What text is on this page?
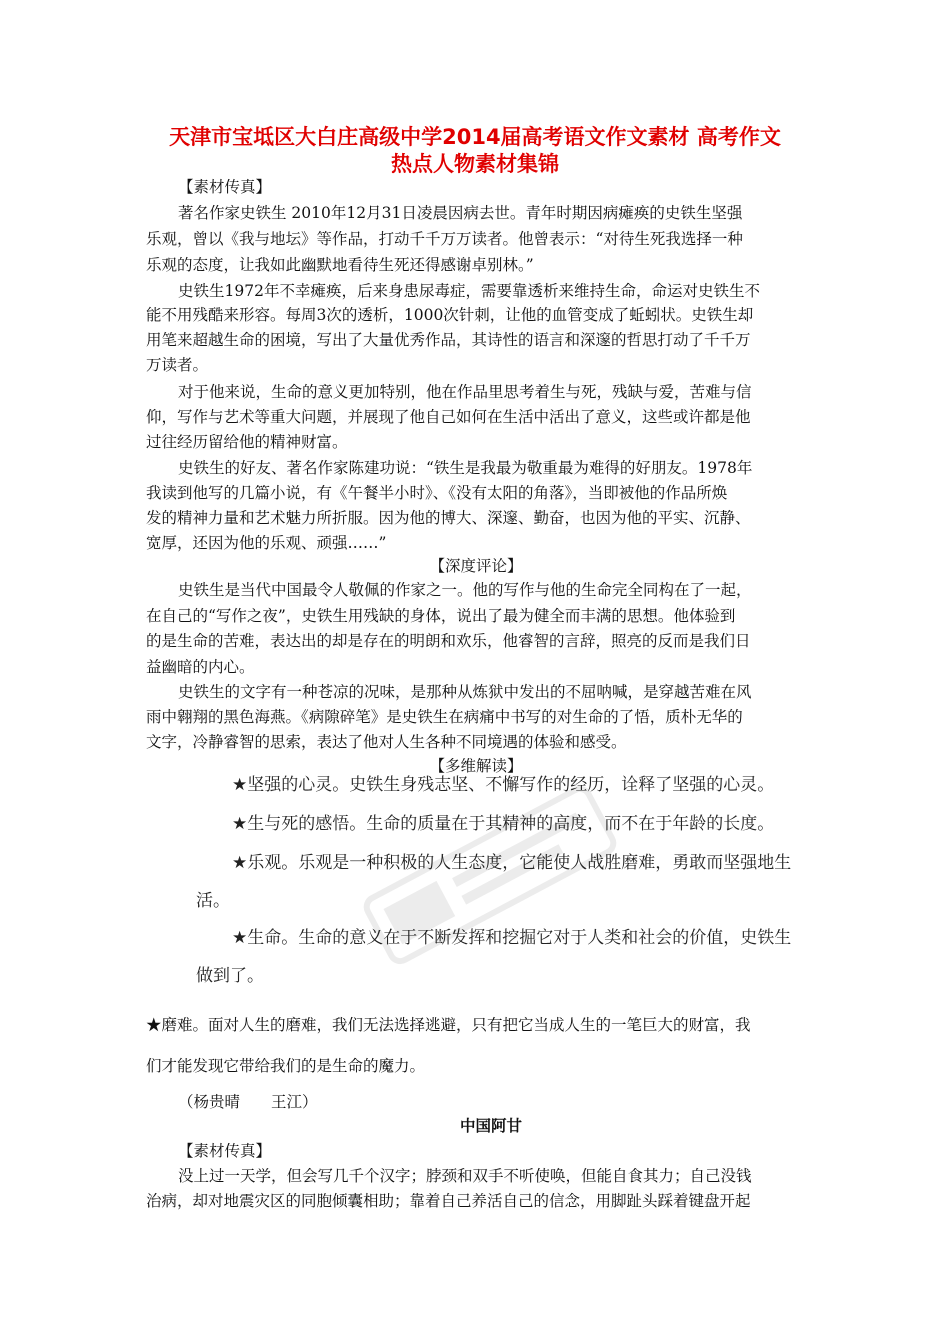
天津市宝坻区大白庄高级中学2014届高考语文作文素材 高考作文
热点人物素材集锦
【素材传真】
著名作家史铁生 2010年12月31日凌晨因病去世。青年时期因病瘫痪的史铁生坚强
乐观，曾以《我与地坛》等作品，打动千千万万读者。他曾表示：“对待生死我选择一种
乐观的态度，让我如此幽默地看待生死还得感谢卓别林。”
史铁生1972年不幸瘫痪，后来身患尿毒症，需要靠透析来维持生命，命运对史铁生不
能不用残酷来形容。每周3次的透析，1000次针刺，让他的血管变成了蚯蚓状。史铁生却
用笔来超越生命的困境，写出了大量优秀作品，其诗性的语言和深邃的哲思打动了千千万
万读者。
对于他来说，生命的意义更加特别，他在作品里思考着生与死，残缺与爱，苦难与信
仰，写作与艺术等重大问题，并展现了他自己如何在生活中活出了意义，这些或许都是他
过往经历留给他的精神财富。
史铁生的好友、著名作家陈建功说：“铁生是我最为敬重最为难得的好朋友。1978年
我读到他写的几篇小说，有《午餐半小时》、《没有太阳的角落》，当即被他的作品所焕
发的精神力量和艺术魅力所折服。因为他的博大、深邃、勤奋，也因为他的平实、沉静、
宽厚，还因为他的乐观、顽强……”
【深度评论】
史铁生是当代中国最令人敬佩的作家之一。他的写作与他的生命完全同构在了一起，
在自己的“写作之夜”，史铁生用残缺的身体，说出了最为健全而丰满的思想。他体验到
的是生命的苦难，表达出的却是存在的明朗和欢乐，他睿智的言辞，照亮的反而是我们日
益幽暗的内心。
史铁生的文字有一种苍凉的况味，是那种从炼狱中发出的不屈呐喊，是穿越苦难在风
雨中翱翔的黑色海燕。《病隙碎笔》是史铁生在病痛中书写的对生命的了悟，质朴无华的
文字，冷静睿智的思索，表达了他对人生各种不同境遇的体验和感受。
【多维解读】
★坚强的心灵。史铁生身残志坚、不懈写作的经历，诠释了坚强的心灵。
★生与死的感悟。生命的质量在于其精神的高度，而不在于年龄的长度。
★乐观。乐观是一种积极的人生态度，它能使人战胜磨难，勇敢而坚强地生
活。
★生命。生命的意义在于不断发挥和挖掘它对于人类和社会的价值，史铁生
做到了。
★磨难。面对人生的磨难，我们无法选择逃避，只有把它当成人生的一笔巨大的财富，我
们才能发现它带给我们的是生命的魔力。
（杨贵晴　　王江）
中国阿甘
【素材传真】
没上过一天学，但会写几千个汉字；脖颈和双手不听使唤，但能自食其力；自己没钱
治病，却对地震灾区的同胞倾囊相助；靠着自己养活自己的信念，用脚趾头踩着键盘开起
